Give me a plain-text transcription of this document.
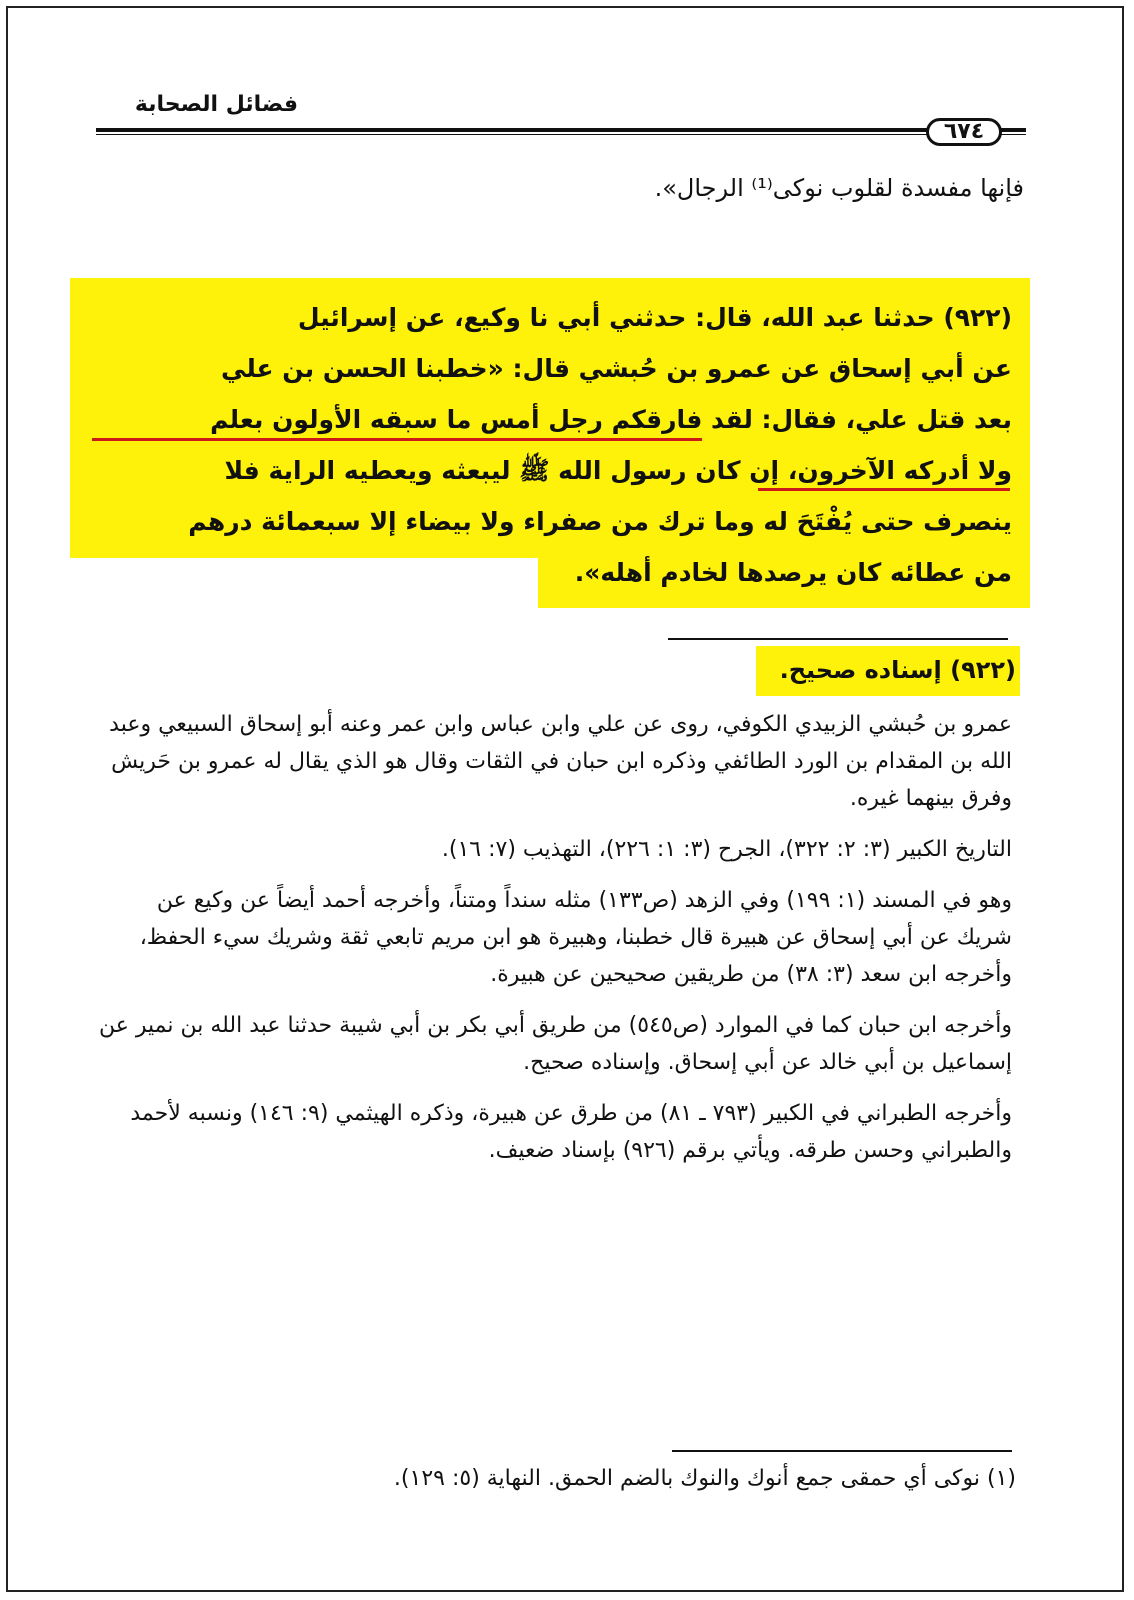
فضائل الصحابة
٦٧٤
فإنها مفسدة لقلوب نوكى⁽¹⁾ الرجال».
(٩٢٢) حدثنا عبد الله، قال: حدثني أبي نا وكيع، عن إسرائيل
عن أبي إسحاق عن عمرو بن حُبشي قال: «خطبنا الحسن بن علي
بعد قتل علي، فقال: لقد فارقكم رجل أمس ما سبقه الأولون بعلم
ولا أدركه الآخرون، إن كان رسول الله ﷺ ليبعثه ويعطيه الراية فلا
ينصرف حتى يُفْتَحَ له وما ترك من صفراء ولا بيضاء إلا سبعمائة درهم
من عطائه كان يرصدها لخادم أهله».
(٩٢٢) إسناده صحيح.

عمرو بن حُبشي الزبيدي الكوفي، روى عن علي وابن عباس وابن عمر وعنه أبو إسحاق السبيعي وعبد الله بن المقدام بن الورد الطائفي وذكره ابن حبان في الثقات وقال هو الذي يقال له عمرو بن حَريش وفرق بينهما غيره.

التاريخ الكبير (٣: ٢: ٣٢٢)، الجرح (٣: ١: ٢٢٦)، التهذيب (٧: ١٦).

وهو في المسند (١: ١٩٩) وفي الزهد (ص١٣٣) مثله سنداً ومتناً، وأخرجه أحمد أيضاً عن وكيع عن شريك عن أبي إسحاق عن هبيرة قال خطبنا، وهبيرة هو ابن مريم تابعي ثقة وشريك سيء الحفظ، وأخرجه ابن سعد (٣: ٣٨) من طريقين صحيحين عن هبيرة.

وأخرجه ابن حبان كما في الموارد (ص٥٤٥) من طريق أبي بكر بن أبي شيبة حدثنا عبد الله بن نمير عن إسماعيل بن أبي خالد عن أبي إسحاق. وإسناده صحيح.

وأخرجه الطبراني في الكبير (٧٩٣ ـ ٨١) من طرق عن هبيرة، وذكره الهيثمي (٩: ١٤٦) ونسبه لأحمد والطبراني وحسن طرقه. ويأتي برقم (٩٢٦) بإسناد ضعيف.

(١) نوكى أي حمقى جمع أنوك والنوك بالضم الحمق. النهاية (٥: ١٢٩).
